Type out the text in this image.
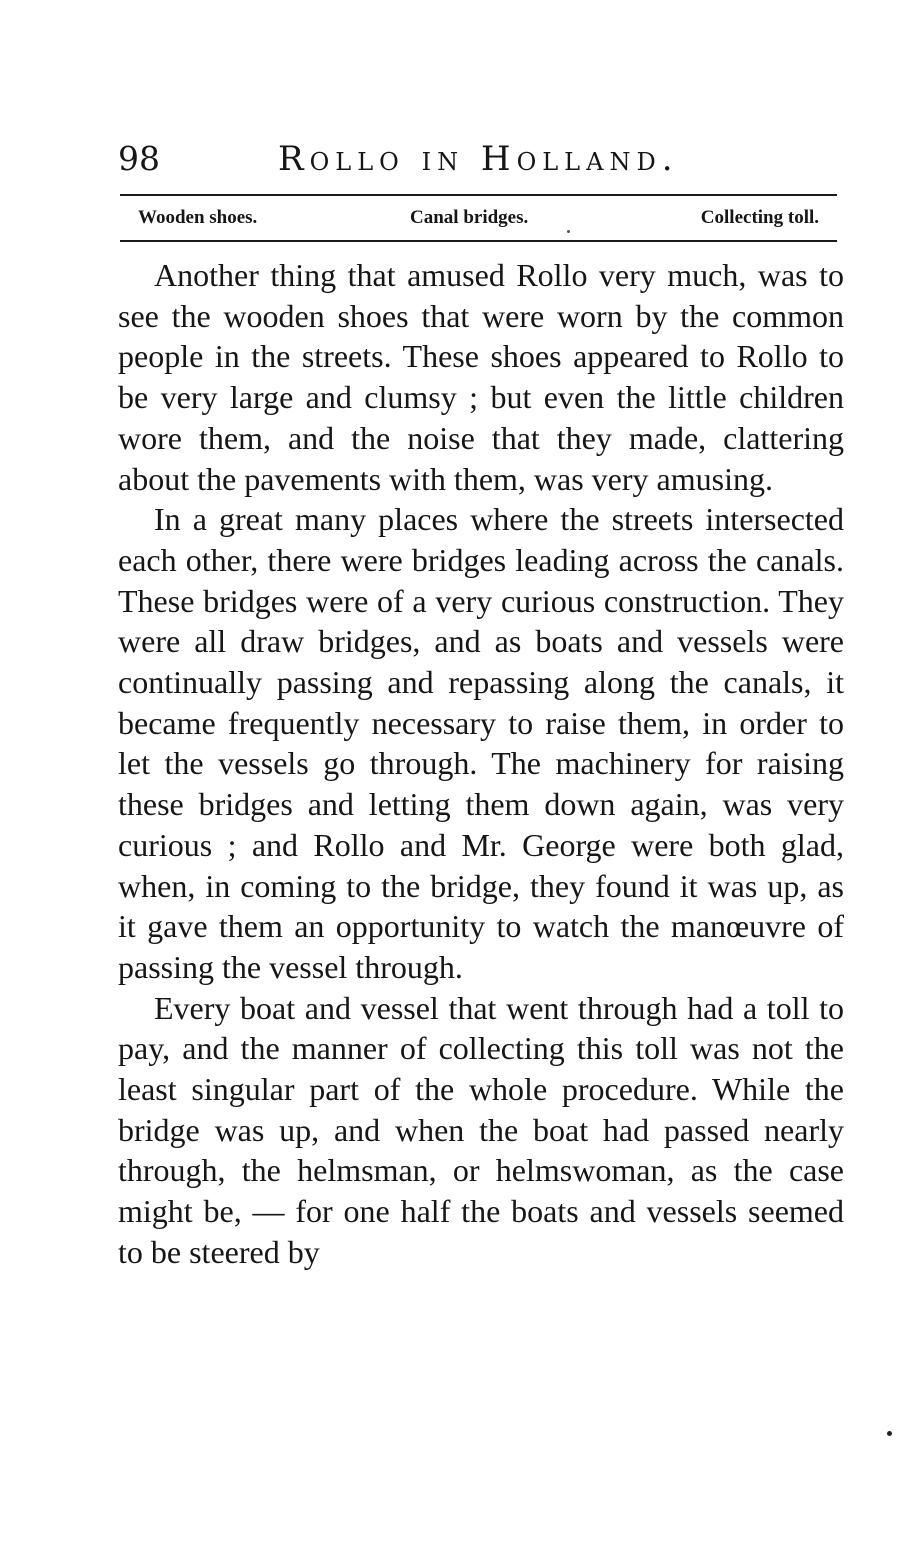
98	Rollo in Holland.
Wooden shoes.	Canal bridges.	Collecting toll.

Another thing that amused Rollo very much, was to see the wooden shoes that were worn by the common people in the streets. These shoes appeared to Rollo to be very large and clumsy ; but even the little children wore them, and the noise that they made, clattering about the pavements with them, was very amusing.

In a great many places where the streets intersected each other, there were bridges leading across the canals. These bridges were of a very curious construction. They were all draw bridges, and as boats and vessels were continually passing and repassing along the canals, it became frequently necessary to raise them, in order to let the vessels go through. The machinery for raising these bridges and letting them down again, was very curious ; and Rollo and Mr. George were both glad, when, in coming to the bridge, they found it was up, as it gave them an opportunity to watch the manœuvre of passing the vessel through.

Every boat and vessel that went through had a toll to pay, and the manner of collecting this toll was not the least singular part of the whole procedure. While the bridge was up, and when the boat had passed nearly through, the helmsman, or helmswoman, as the case might be, — for one half the boats and vessels seemed to be steered by
